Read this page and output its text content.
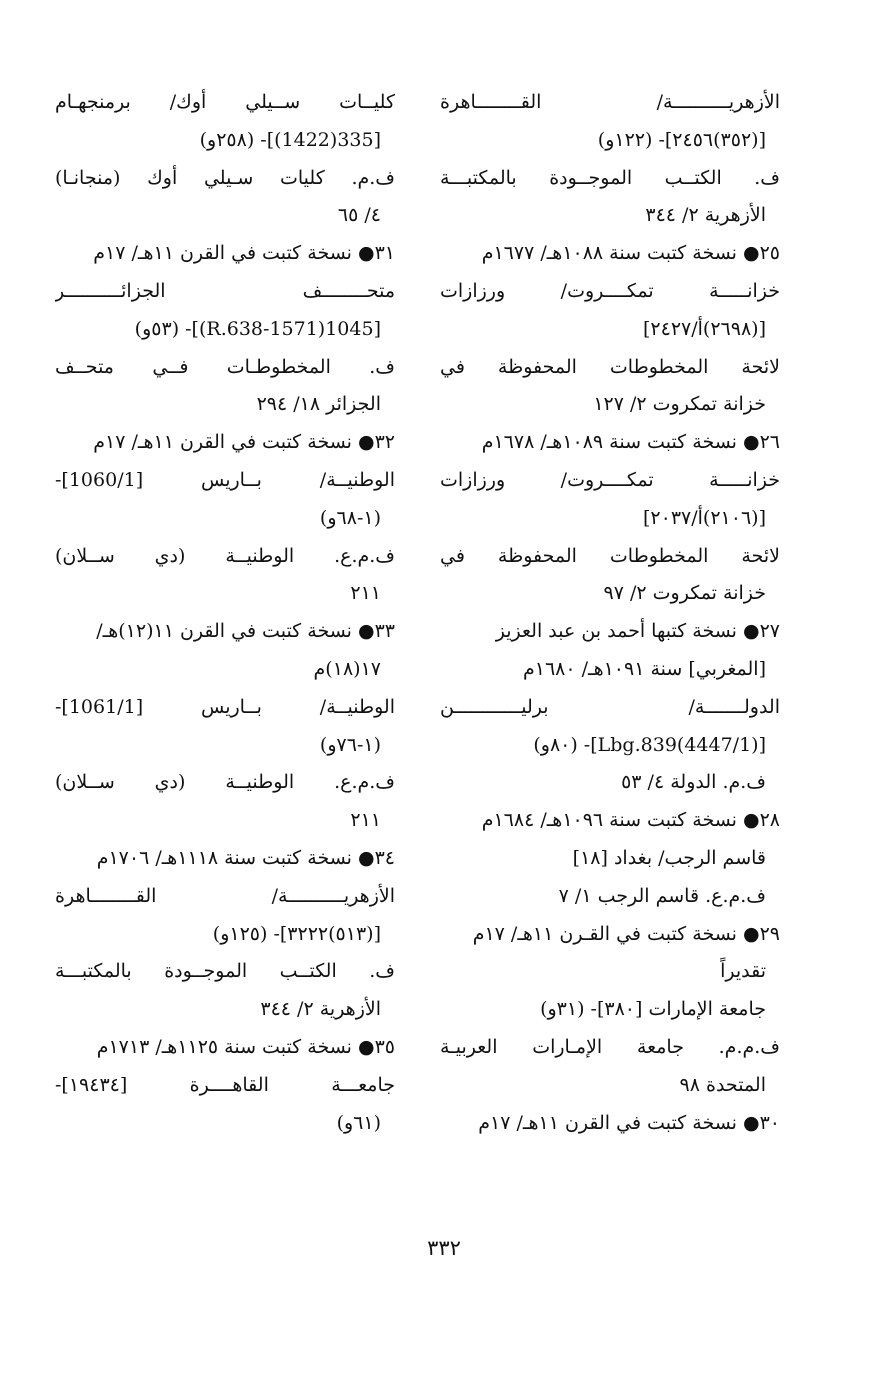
الأزهريــــــــــة/ القــــــــاهرة
[(٣٥٢)٢٤٥٦]- (١٢٢و)
ف. الكتــب الموجــودة بالمكتبـــة
الأزهرية ٢/ ٣٤٤
٢٥● نسخة كتبت سنة ١٠٨٨هـ/ ١٦٧٧م
خزانـــــة تمكــــروت/ ورزازات
[(٢٦٩٨)أ/٢٤٢٧]
لائحة المخطوطات المحفوظة في
خزانة تمكروت ٢/ ١٢٧
٢٦● نسخة كتبت سنة ١٠٨٩هـ/ ١٦٧٨م
خزانـــــة تمكــــروت/ ورزازات
[(٢١٠٦)أ/٢٠٣٧]
لائحة المخطوطات المحفوظة في
خزانة تمكروت ٢/ ٩٧
٢٧● نسخة كتبها أحمد بن عبد العزيز
[المغربي] سنة ١٠٩١هـ/ ١٦٨٠م
الدولـــــــة/ برليــــــــــــن
[Lbg.839(4447/1)]- (٨٠و)
ف.م. الدولة ٤/ ٥٣
٢٨● نسخة كتبت سنة ١٠٩٦هـ/ ١٦٨٤م
قاسم الرجب/ بغداد [١٨]
ف.م.ع. قاسم الرجب ١/ ٧
٢٩● نسخة كتبت في القـرن ١١هـ/ ١٧م
تقديراً
جامعة الإمارات [٣٨٠]- (٣١و)
ف.م.م. جامعة الإمـارات العربيـة
المتحدة ٩٨
٣٠● نسخة كتبت في القرن ١١هـ/ ١٧م
كليــات ســيلي أوك/ برمنجهـام
[335(1422)]- (٢٥٨و)
ف.م. كليات سـيلي أوك (منجانـا)
٤/ ٦٥
٣١● نسخة كتبت في القرن ١١هـ/ ١٧م
متحــــــــف الجزائــــــــــر
[1045(1571-R.638)]- (٥٣و)
ف. المخطوطـات فــي متحــف
الجزائر ١٨/ ٢٩٤
٣٢● نسخة كتبت في القرن ١١هـ/ ١٧م
الوطنيــة/ بــاريس [1060/1]-
(١-٦٨و)
ف.م.ع. الوطنيــة (دي ســلان)
٢١١
٣٣● نسخة كتبت في القرن ١١(١٢)هـ/
١٧(١٨)م
الوطنيــة/ بــاريس [1061/1]-
(١-٧٦و)
ف.م.ع. الوطنيــة (دي ســلان)
٢١١
٣٤● نسخة كتبت سنة ١١١٨هـ/ ١٧٠٦م
الأزهريــــــــــة/ القــــــــاهرة
[(٥١٣)٣٢٢٢]- (١٢٥و)
ف. الكتــب الموجــودة بالمكتبـــة
الأزهرية ٢/ ٣٤٤
٣٥● نسخة كتبت سنة ١١٢٥هـ/ ١٧١٣م
جامعـــة القاهــــرة [١٩٤٣٤]-
(٦١و)
٣٣٢
